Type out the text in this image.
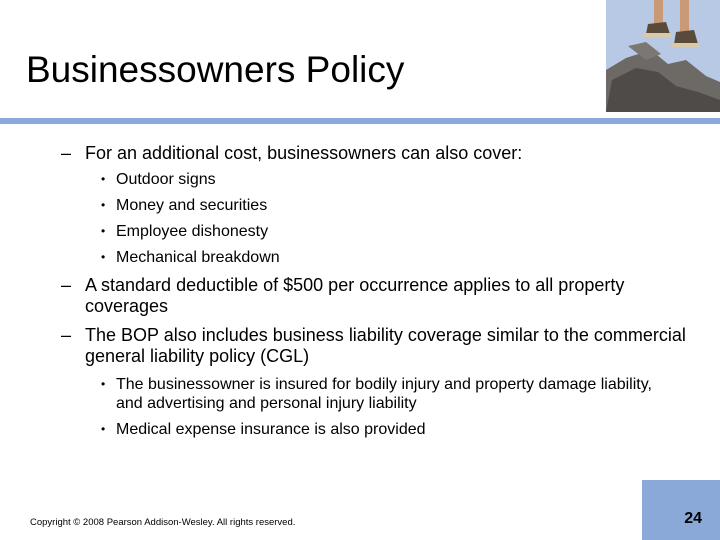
Businessowners Policy
– For an additional cost, businessowners can also cover:
• Outdoor signs
• Money and securities
• Employee dishonesty
• Mechanical breakdown
– A standard deductible of $500 per occurrence applies to all property coverages
– The BOP also includes business liability coverage similar to the commercial general liability policy (CGL)
• The businessowner is insured for bodily injury and property damage liability, and advertising and personal injury liability
• Medical expense insurance is also provided
Copyright © 2008 Pearson Addison-Wesley. All rights reserved.	24
